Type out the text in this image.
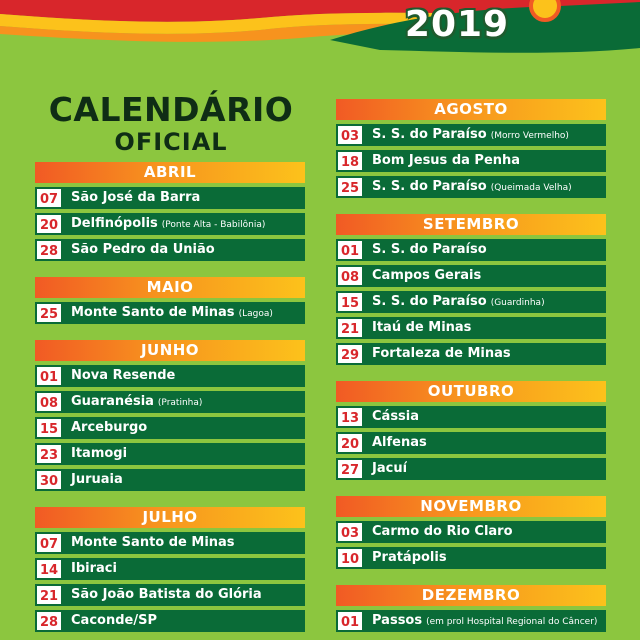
2019
CALENDÁRIO
OFICIAL
ABRIL
07 São José da Barra
20 Delfinópolis (Ponte Alta - Babilônia)
28 São Pedro da União
MAIO
25 Monte Santo de Minas (Lagoa)
JUNHO
01 Nova Resende
08 Guaranésia (Pratinha)
15 Arceburgo
23 Itamogi
30 Juruaia
JULHO
07 Monte Santo de Minas
14 Ibiraci
21 São João Batista do Glória
28 Caconde/SP
AGOSTO
03 S. S. do Paraíso (Morro Vermelho)
18 Bom Jesus da Penha
25 S. S. do Paraíso (Queimada Velha)
SETEMBRO
01 S. S. do Paraíso
08 Campos Gerais
15 S. S. do Paraíso (Guardinha)
21 Itaú de Minas
29 Fortaleza de Minas
OUTUBRO
13 Cássia
20 Alfenas
27 Jacuí
NOVEMBRO
03 Carmo do Rio Claro
10 Pratápolis
DEZEMBRO
01 Passos (em prol Hospital Regional do Câncer)
